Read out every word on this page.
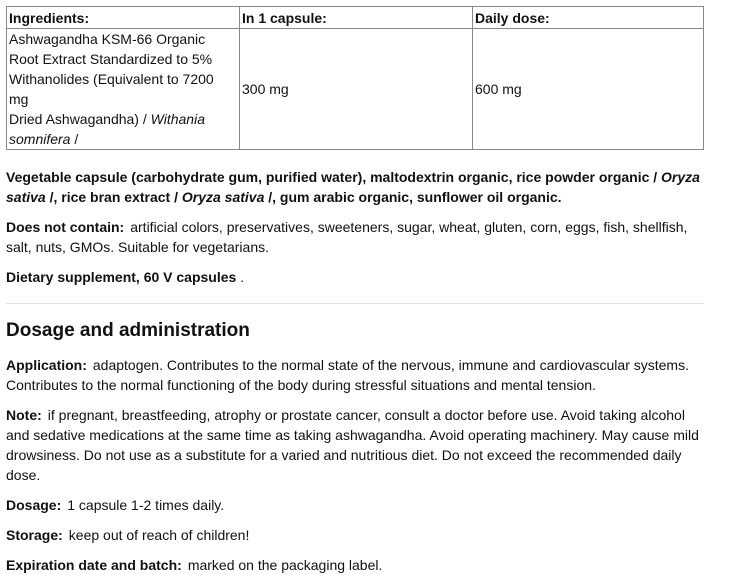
Ingredients:	In 1 capsule:	Daily dose:

Ashwagandha KSM-66 Organic
Root Extract Standardized to 5%
Withanolides (Equivalent to 7200 mg
Dried Ashwagandha) / Withania
somnifera /	300 mg	600 mg

Vegetable capsule (carbohydrate gum, purified water), maltodextrin organic, rice powder organic / Oryza sativa /, rice bran extract / Oryza sativa /, gum arabic organic, sunflower oil organic.

Does not contain: artificial colors, preservatives, sweeteners, sugar, wheat, gluten, corn, eggs, fish, shellfish, salt, nuts, GMOs. Suitable for vegetarians.

Dietary supplement, 60 V capsules .

Dosage and administration

Application: adaptogen. Contributes to the normal state of the nervous, immune and cardiovascular systems. Contributes to the normal functioning of the body during stressful situations and mental tension.

Note: if pregnant, breastfeeding, atrophy or prostate cancer, consult a doctor before use. Avoid taking alcohol and sedative medications at the same time as taking ashwagandha. Avoid operating machinery. May cause mild drowsiness. Do not use as a substitute for a varied and nutritious diet. Do not exceed the recommended daily dose.

Dosage: 1 capsule 1-2 times daily.

Storage: keep out of reach of children!

Expiration date and batch: marked on the packaging label.
